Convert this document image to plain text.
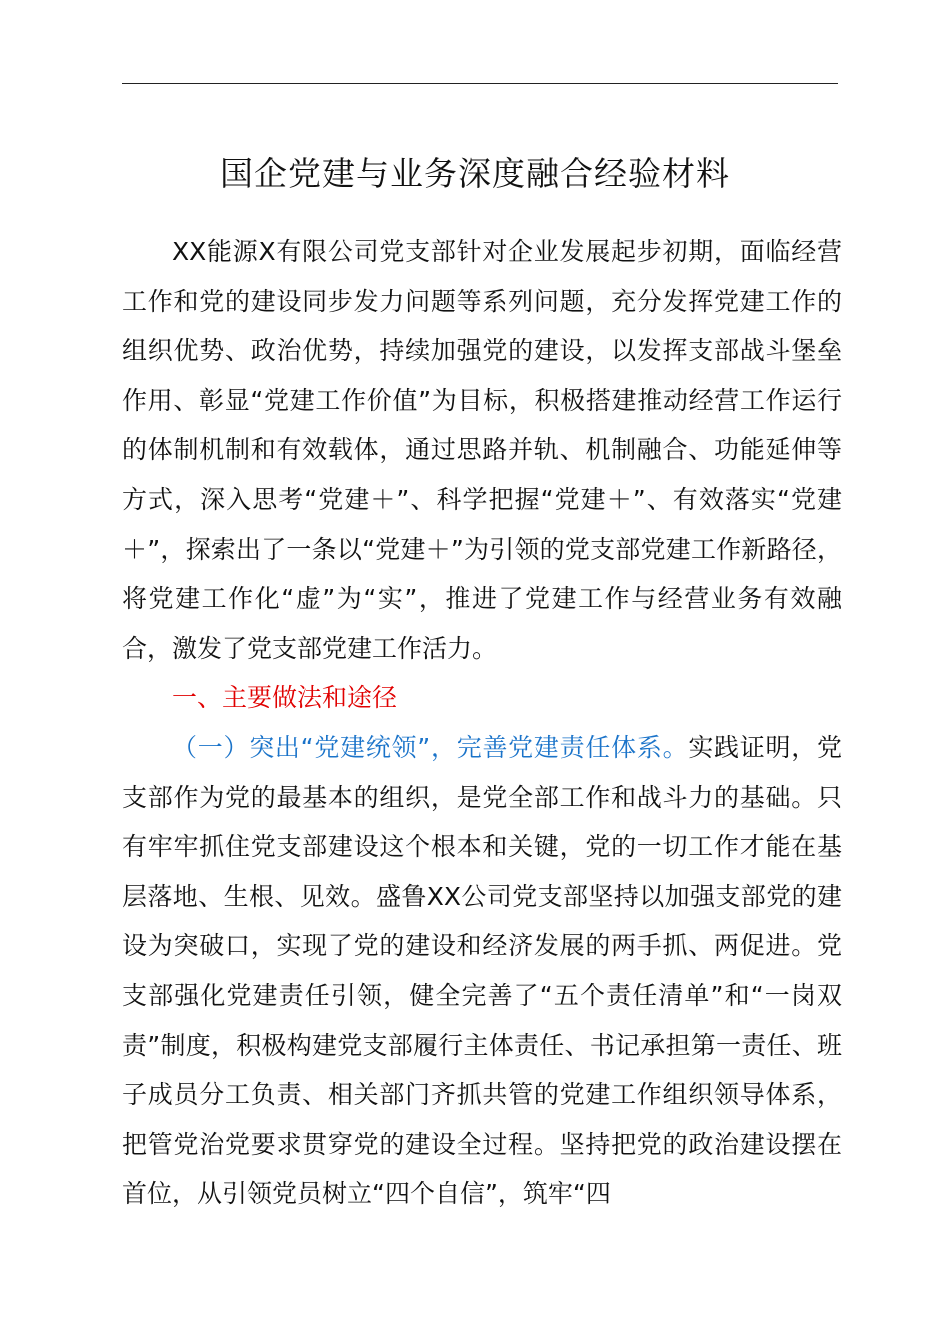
国企党建与业务深度融合经验材料

XX能源X有限公司党支部针对企业发展起步初期，面临经营工作和党的建设同步发力问题等系列问题，充分发挥党建工作的组织优势、政治优势，持续加强党的建设，以发挥支部战斗堡垒作用、彰显“党建工作价值”为目标，积极搭建推动经营工作运行的体制机制和有效载体，通过思路并轨、机制融合、功能延伸等方式，深入思考“党建＋”、科学把握“党建＋”、有效落实“党建＋”，探索出了一条以“党建＋”为引领的党支部党建工作新路径，将党建工作化“虚”为“实”，推进了党建工作与经营业务有效融合，激发了党支部党建工作活力。

一、主要做法和途径

（一）突出“党建统领”，完善党建责任体系。实践证明，党支部作为党的最基本的组织，是党全部工作和战斗力的基础。只有牢牢抓住党支部建设这个根本和关键，党的一切工作才能在基层落地、生根、见效。盛鲁XX公司党支部坚持以加强支部党的建设为突破口，实现了党的建设和经济发展的两手抓、两促进。党支部强化党建责任引领，健全完善了“五个责任清单”和“一岗双责”制度，积极构建党支部履行主体责任、书记承担第一责任、班子成员分工负责、相关部门齐抓共管的党建工作组织领导体系，把管党治党要求贯穿党的建设全过程。坚持把党的政治建设摆在首位，从引领党员树立“四个自信”，筑牢“四
